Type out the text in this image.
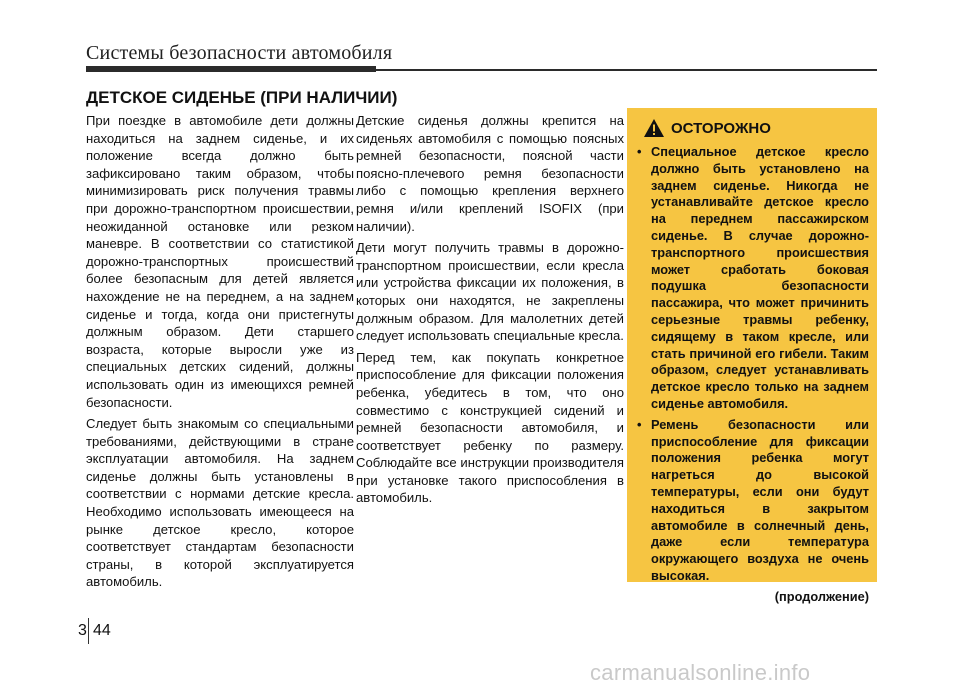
Системы безопасности автомобиля
ДЕТСКОЕ СИДЕНЬЕ (ПРИ НАЛИЧИИ)

При поездке в автомобиле дети должны находиться на заднем сиденье, и их положение всегда должно быть зафиксировано таким образом, чтобы минимизировать риск получения травмы при дорожно-транспортном происшествии, неожиданной остановке или резком маневре. В соответствии со статистикой дорожно-транспортных происшествий более безопасным для детей является нахождение не на переднем, а на заднем сиденье и тогда, когда они пристегнуты должным образом. Дети старшего возраста, которые выросли уже из специальных детских сидений, должны использовать один из имеющихся ремней безопасности.

Следует быть знакомым со специальными требованиями, действующими в стране эксплуатации автомобиля. На заднем сиденье должны быть установлены в соответствии с нормами детские кресла. Необходимо использовать имеющееся на рынке детское кресло, которое соответствует стандартам безопасности страны, в которой эксплуатируется автомобиль.

Детские сиденья должны крепится на сиденьях автомобиля с помощью поясных ремней безопасности, поясной части поясно-плечевого ремня безопасности либо с помощью крепления верхнего ремня и/или креплений ISOFIX (при наличии).

Дети могут получить травмы в дорожно-транспортном происшествии, если кресла или устройства фиксации их положения, в которых они находятся, не закреплены должным образом. Для малолетних детей следует использовать специальные кресла.

Перед тем, как покупать конкретное приспособление для фиксации положения ребенка, убедитесь в том, что оно совместимо с конструкцией сидений и ремней безопасности автомобиля, и соответствует ребенку по размеру. Соблюдайте все инструкции производителя при установке такого приспособления в автомобиль.

ОСТОРОЖНО
• Специальное детское кресло должно быть установлено на заднем сиденье. Никогда не устанавливайте детское кресло на переднем пассажирском сиденье. В случае дорожно-транспортного происшествия может сработать боковая подушка безопасности пассажира, что может причинить серьезные травмы ребенку, сидящему в таком кресле, или стать причиной его гибели. Таким образом, следует устанавливать детское кресло только на заднем сиденье автомобиля.
• Ремень безопасности или приспособление для фиксации положения ребенка могут нагреться до высокой температуры, если они будут находиться в закрытом автомобиле в солнечный день, даже если температура окружающего воздуха не очень высокая.
(продолжение)
3 44
carmanualsonline.info
